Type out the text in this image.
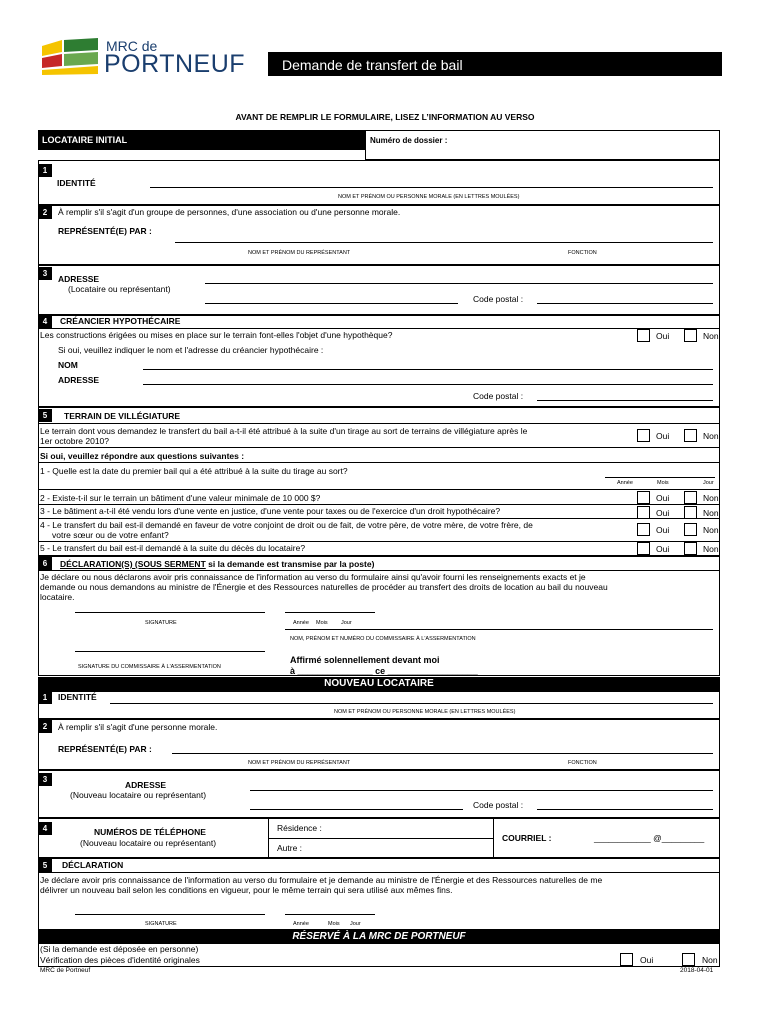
MRC de
PORTNEUF	Demande de transfert de bail
AVANT DE REMPLIR LE FORMULAIRE, LISEZ L’INFORMATION AU VERSO
LOCATAIRE INITIAL	Numéro de dossier :
1
IDENTITÉ
NOM ET PRÉNOM OU PERSONNE MORALE (EN LETTRES MOULÉES)
2	À remplir s'il s'agit d'un groupe de personnes, d'une association ou d'une personne morale.
REPRÉSENTÉ(E) PAR :
NOM ET PRÉNOM DU REPRÉSENTANT	FONCTION
3
ADRESSE
(Locataire ou représentant)
Code postal :
4	CRÉANCIER HYPOTHÉCAIRE
Les constructions érigées ou mises en place sur le terrain font-elles l'objet d'une hypothèque?	Oui	Non
Si oui, veuillez indiquer le nom et l'adresse du créancier hypothécaire :
NOM
ADRESSE
Code postal :
5	TERRAIN DE VILLÉGIATURE
Le terrain dont vous demandez le transfert du bail a-t-il été attribué à la suite d'un tirage au sort de terrains de villégiature après le
1er octobre 2010?	Oui	Non
Si oui, veuillez répondre aux questions suivantes :
1 - Quelle est la date du premier bail qui a été attribué à la suite du tirage au sort?
Année	Mois	Jour
2 - Existe-t-il sur le terrain un bâtiment d'une valeur minimale de 10 000 $?	Oui	Non
3 - Le bâtiment a-t-il été vendu lors d'une vente en justice, d'une vente pour taxes ou de l'exercice d'un droit hypothécaire?	Oui	Non
4 - Le transfert du bail est-il demandé en faveur de votre conjoint de droit ou de fait, de votre père, de votre mère, de votre frère, de
votre sœur ou de votre enfant?	Oui	Non
5 - Le transfert du bail est-il demandé à la suite du décès du locataire?	Oui	Non
6	DÉCLARATION(S) (SOUS SERMENT si la demande est transmise par la poste)
Je déclare ou nous déclarons avoir pris connaissance de l'information au verso du formulaire ainsi qu'avoir fourni les renseignements exacts et je
demande ou nous demandons au ministre de l'Énergie et des Ressources naturelles de procéder au transfert des droits de location au bail du nouveau
locataire.
SIGNATURE	Année Mois Jour
NOM, PRÉNOM ET NUMÉRO DU COMMISSAIRE À L'ASSERMENTATION
SIGNATURE DU COMMISSAIRE À L'ASSERMENTATION
Affirmé solennellement devant moi
à _______________ ce __________________
NOUVEAU LOCATAIRE
1	IDENTITÉ
NOM ET PRÉNOM OU PERSONNE MORALE (EN LETTRES MOULÉES)
2	À remplir s'il s'agit d'une personne morale.
REPRÉSENTÉ(E) PAR :
NOM ET PRÉNOM DU REPRÉSENTANT	FONCTION
3
ADRESSE
(Nouveau locataire ou représentant)
Code postal :
4	NUMÉROS DE TÉLÉPHONE
(Nouveau locataire ou représentant)
Résidence :
Autre :
COURRIEL :	____________ @_________
5	DÉCLARATION
Je déclare avoir pris connaissance de l'information au verso du formulaire et je demande au ministre de l'Énergie et des Ressources naturelles de me
délivrer un nouveau bail selon les conditions en vigueur, pour le même terrain qui sera utilisé aux mêmes fins.
SIGNATURE	Année	Mois Jour
RÉSERVÉ À LA MRC DE PORTNEUF
(Si la demande est déposée en personne)
Vérification des pièces d'identité originales	Oui	Non
MRC de Portneuf	2018-04-01
